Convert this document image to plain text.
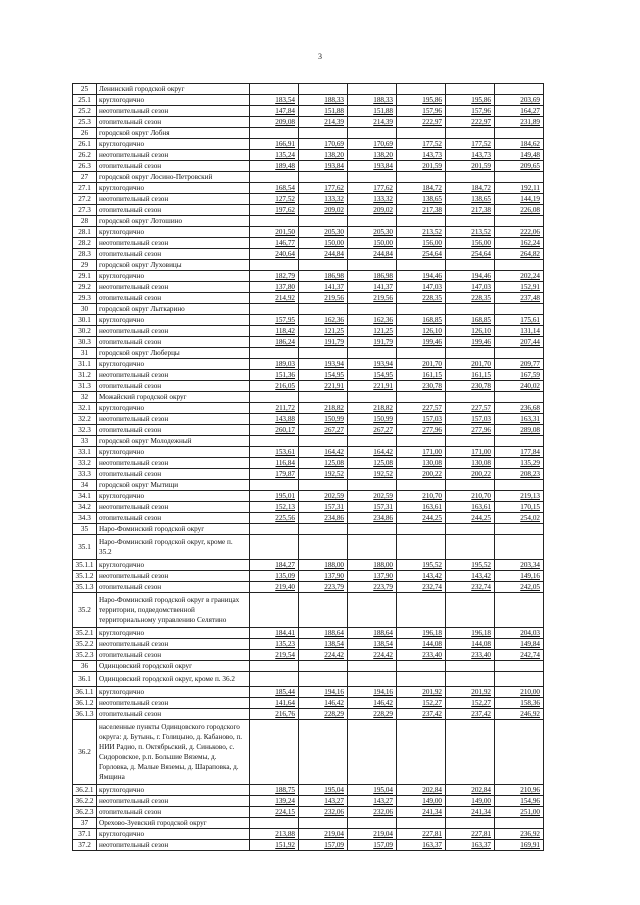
3
25	Ленинский городской округ						
25.1	круглогодично	183,54	188,33	188,33	195,86	195,86	203,69
25.2	неотопительный сезон	147,84	151,88	151,88	157,96	157,96	164,27
25.3	отопительный сезон	209,08	214,39	214,39	222,97	222,97	231,89
26	городской округ Лобня						
26.1	круглогодично	166,91	170,69	170,69	177,52	177,52	184,62
26.2	неотопительный сезон	135,24	138,20	138,20	143,73	143,73	149,48
26.3	отопительный сезон	189,48	193,84	193,84	201,59	201,59	209,65
27	городской округ Лосино-Петровский						
27.1	круглогодично	168,54	177,62	177,62	184,72	184,72	192,11
27.2	неотопительный сезон	127,52	133,32	133,32	138,65	138,65	144,19
27.3	отопительный сезон	197,62	209,02	209,02	217,38	217,38	226,08
28	городской округ Лотошино						
28.1	круглогодично	201,50	205,30	205,30	213,52	213,52	222,06
28.2	неотопительный сезон	146,77	150,00	150,00	156,00	156,00	162,24
28.3	отопительный сезон	240,64	244,84	244,84	254,64	254,64	264,82
29	городской округ Луховицы						
29.1	круглогодично	182,79	186,98	186,98	194,46	194,46	202,24
29.2	неотопительный сезон	137,80	141,37	141,37	147,03	147,03	152,91
29.3	отопительный сезон	214,92	219,56	219,56	228,35	228,35	237,48
30	городской округ Лыткарино						
30.1	круглогодично	157,95	162,36	162,36	168,85	168,85	175,61
30.2	неотопительный сезон	118,42	121,25	121,25	126,10	126,10	131,14
30.3	отопительный сезон	186,24	191,79	191,79	199,46	199,46	207,44
31	городской округ Люберцы						
31.1	круглогодично	189,03	193,94	193,94	201,70	201,70	209,77
31.2	неотопительный сезон	151,36	154,95	154,95	161,15	161,15	167,59
31.3	отопительный сезон	216,05	221,91	221,91	230,78	230,78	240,02
32	Можайский городской округ						
32.1	круглогодично	211,72	218,82	218,82	227,57	227,57	236,68
32.2	неотопительный сезон	143,88	150,99	150,99	157,03	157,03	163,31
32.3	отопительный сезон	260,17	267,27	267,27	277,96	277,96	289,08
33	городской округ Молодежный						
33.1	круглогодично	153,61	164,42	164,42	171,00	171,00	177,84
33.2	неотопительный сезон	116,84	125,08	125,08	130,08	130,08	135,29
33.3	отопительный сезон	179,87	192,52	192,52	200,22	200,22	208,23
34	городской округ Мытищи						
34.1	круглогодично	195,01	202,59	202,59	210,70	210,70	219,13
34.2	неотопительный сезон	152,13	157,31	157,31	163,61	163,61	170,15
34.3	отопительный сезон	225,56	234,86	234,86	244,25	244,25	254,02
35	Наро-Фоминский городской округ						
35.1	Наро-Фоминский городской округ, кроме п. 35.2						
35.1.1	круглогодично	184,27	188,00	188,00	195,52	195,52	203,34
35.1.2	неотопительный сезон	135,09	137,90	137,90	143,42	143,42	149,16
35.1.3	отопительный сезон	219,40	223,79	223,79	232,74	232,74	242,05
35.2	Наро-Фоминский городской округ в границах территории, подведомственной территориальному управлению Селятино						
35.2.1	круглогодично	184,41	188,64	188,64	196,18	196,18	204,03
35.2.2	неотопительный сезон	135,23	138,54	138,54	144,08	144,08	149,84
35.2.3	отопительный сезон	219,54	224,42	224,42	233,40	233,40	242,74
36	Одинцовский городской округ						
36.1	Одинцовский городской округ, кроме п. 36.2						
36.1.1	круглогодично	185,44	194,16	194,16	201,92	201,92	210,00
36.1.2	неотопительный сезон	141,64	146,42	146,42	152,27	152,27	158,36
36.1.3	отопительный сезон	216,76	228,29	228,29	237,42	237,42	246,92
36.2	населенные пункты Одинцовского городского округа: д. Бутынь, г. Голицыно, д. Кабаново, п. НИИ Радио, п. Октябрьский, д. Синьково, с. Сидоровское, р.п. Большие Вяземы, д. Горловка, д. Малые Вяземы, д. Шараповка, д. Ямщина						
36.2.1	круглогодично	188,75	195,04	195,04	202,84	202,84	210,96
36.2.2	неотопительный сезон	139,24	143,27	143,27	149,00	149,00	154,96
36.2.3	отопительный сезон	224,15	232,06	232,06	241,34	241,34	251,00
37	Орехово-Зуевский городской округ						
37.1	круглогодично	213,88	219,04	219,04	227,81	227,81	236,92
37.2	неотопительный сезон	151,92	157,09	157,09	163,37	163,37	169,91
